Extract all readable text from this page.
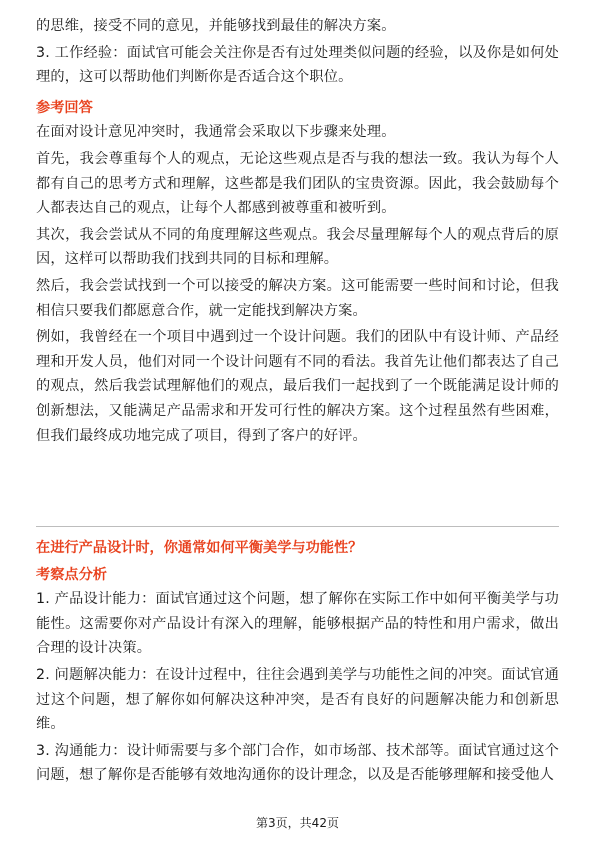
的思维，接受不同的意见，并能够找到最佳的解决方案。

3. 工作经验：面试官可能会关注你是否有过处理类似问题的经验，以及你是如何处理的，这可以帮助他们判断你是否适合这个职位。

参考回答

在面对设计意见冲突时，我通常会采取以下步骤来处理。

首先，我会尊重每个人的观点，无论这些观点是否与我的想法一致。我认为每个人都有自己的思考方式和理解，这些都是我们团队的宝贵资源。因此，我会鼓励每个人都表达自己的观点，让每个人都感到被尊重和被听到。

其次，我会尝试从不同的角度理解这些观点。我会尽量理解每个人的观点背后的原因，这样可以帮助我们找到共同的目标和理解。

然后，我会尝试找到一个可以接受的解决方案。这可能需要一些时间和讨论，但我相信只要我们都愿意合作，就一定能找到解决方案。

例如，我曾经在一个项目中遇到过一个设计问题。我们的团队中有设计师、产品经理和开发人员，他们对同一个设计问题有不同的看法。我首先让他们都表达了自己的观点，然后我尝试理解他们的观点，最后我们一起找到了一个既能满足设计师的创新想法，又能满足产品需求和开发可行性的解决方案。这个过程虽然有些困难，但我们最终成功地完成了项目，得到了客户的好评。

在进行产品设计时，你通常如何平衡美学与功能性？

考察点分析

1. 产品设计能力：面试官通过这个问题，想了解你在实际工作中如何平衡美学与功能性。这需要你对产品设计有深入的理解，能够根据产品的特性和用户需求，做出合理的设计决策。

2. 问题解决能力：在设计过程中，往往会遇到美学与功能性之间的冲突。面试官通过这个问题，想了解你如何解决这种冲突，是否有良好的问题解决能力和创新思维。

3. 沟通能力：设计师需要与多个部门合作，如市场部、技术部等。面试官通过这个问题，想了解你是否能够有效地沟通你的设计理念，以及是否能够理解和接受他人

第3页，共42页
